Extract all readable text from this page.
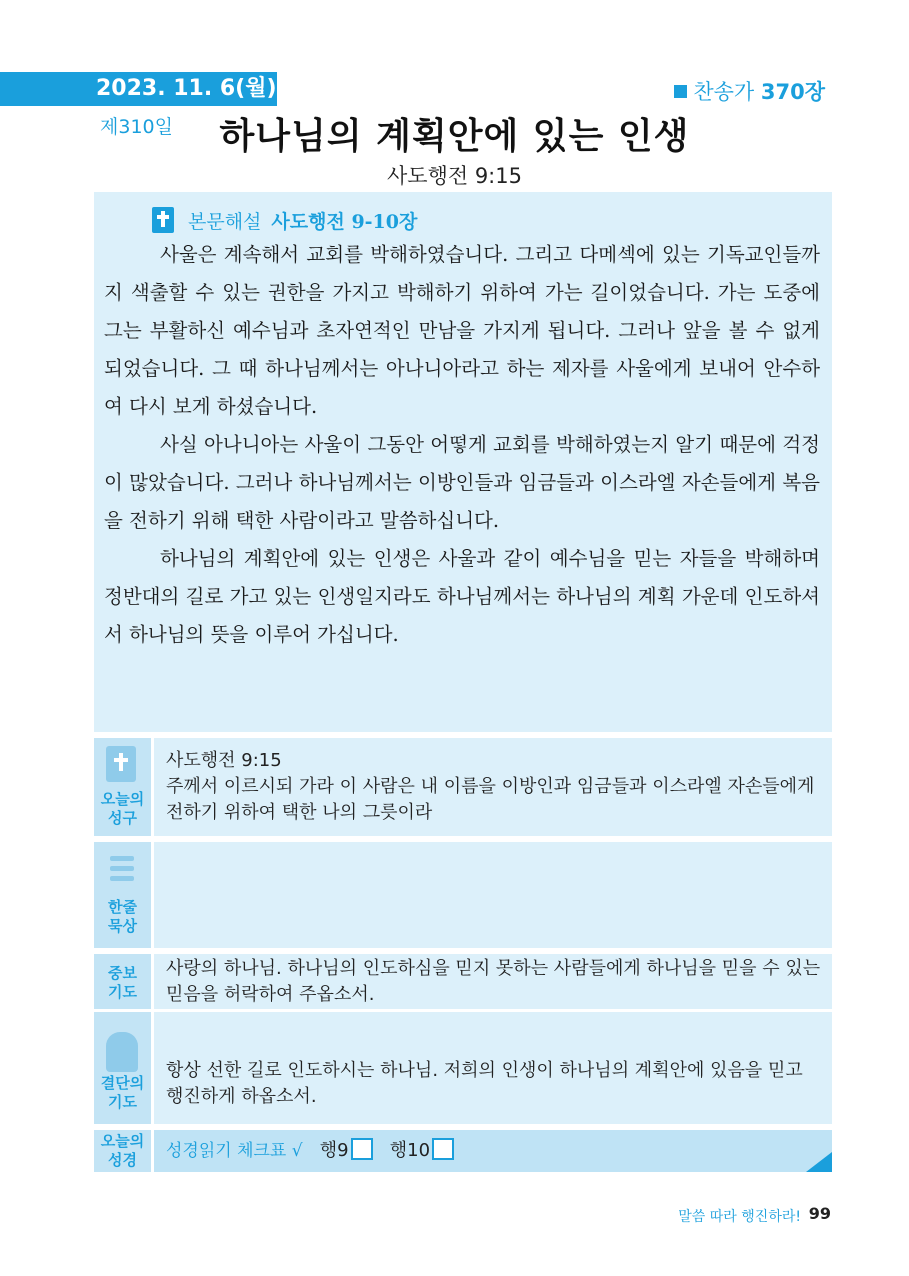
2023. 11. 6(월)
제310일
찬송가 370장
하나님의 계획안에 있는 인생
사도행전 9:15
본문해설 사도행전 9-10장

사울은 계속해서 교회를 박해하였습니다. 그리고 다메섹에 있는 기독교인들까지 색출할 수 있는 권한을 가지고 박해하기 위하여 가는 길이었습니다. 가는 도중에 그는 부활하신 예수님과 초자연적인 만남을 가지게 됩니다. 그러나 앞을 볼 수 없게 되었습니다. 그 때 하나님께서는 아나니아라고 하는 제자를 사울에게 보내어 안수하여 다시 보게 하셨습니다.

사실 아나니아는 사울이 그동안 어떻게 교회를 박해하였는지 알기 때문에 걱정이 많았습니다. 그러나 하나님께서는 이방인들과 임금들과 이스라엘 자손들에게 복음을 전하기 위해 택한 사람이라고 말씀하십니다.

하나님의 계획안에 있는 인생은 사울과 같이 예수님을 믿는 자들을 박해하며 정반대의 길로 가고 있는 인생일지라도 하나님께서는 하나님의 계획 가운데 인도하셔서 하나님의 뜻을 이루어 가십니다.

오늘의
성구
사도행전 9:15
주께서 이르시되 가라 이 사람은 내 이름을 이방인과 임금들과 이스라엘 자손들에게 전하기 위하여 택한 나의 그릇이라
한줄
묵상
중보
기도
사랑의 하나님. 하나님의 인도하심을 믿지 못하는 사람들에게 하나님을 믿을 수 있는 믿음을 허락하여 주옵소서.
결단의
기도
항상 선한 길로 인도하시는 하나님. 저희의 인생이 하나님의 계획안에 있음을 믿고 행진하게 하옵소서.
오늘의
성경	성경읽기 체크표 √ 행9 행10
말씀 따라 행진하라! 99
